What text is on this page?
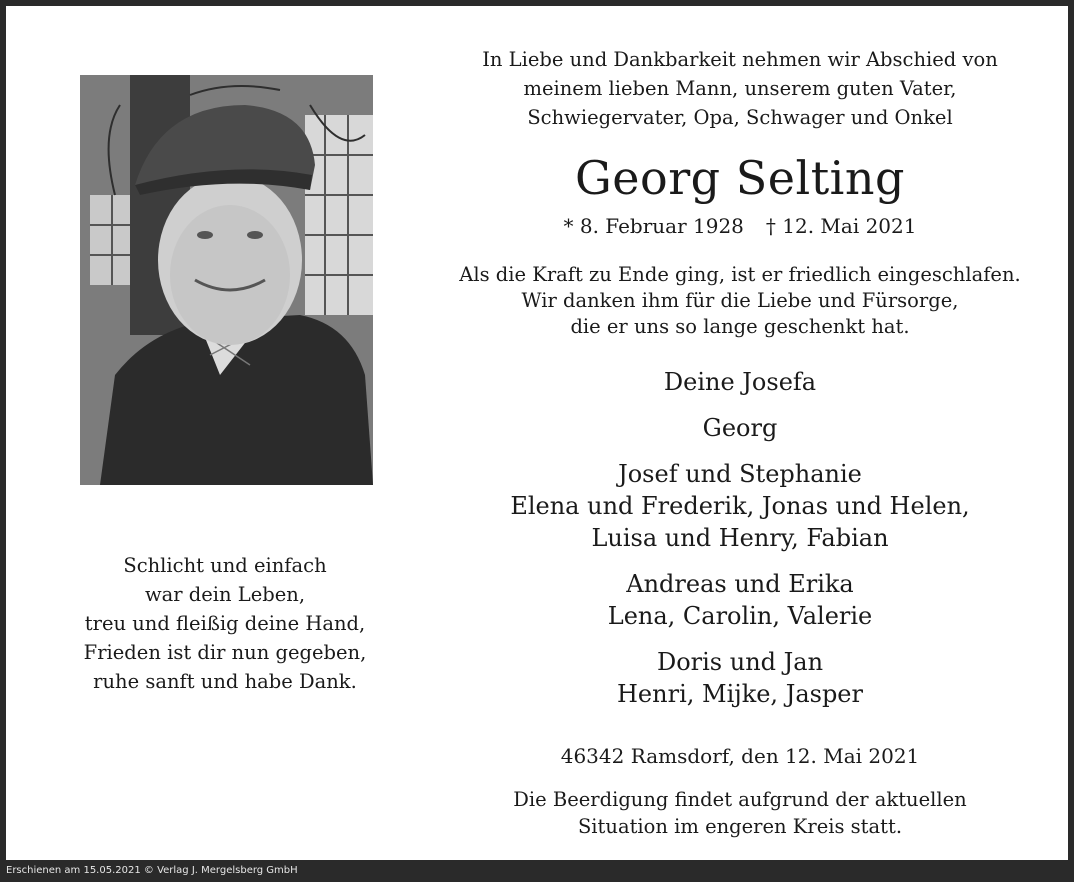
Schlicht und einfach
war dein Leben,
treu und fleißig deine Hand,
Frieden ist dir nun gegeben,
ruhe sanft und habe Dank.
In Liebe und Dankbarkeit nehmen wir Abschied von
meinem lieben Mann, unserem guten Vater,
Schwiegervater, Opa, Schwager und Onkel
Georg Selting
* 8. Februar 1928 † 12. Mai 2021
Als die Kraft zu Ende ging, ist er friedlich eingeschlafen.
Wir danken ihm für die Liebe und Fürsorge,
die er uns so lange geschenkt hat.
Deine Josefa
Georg
Josef und Stephanie
Elena und Frederik, Jonas und Helen,
Luisa und Henry, Fabian
Andreas und Erika
Lena, Carolin, Valerie
Doris und Jan
Henri, Mijke, Jasper
46342 Ramsdorf, den 12. Mai 2021
Die Beerdigung findet aufgrund der aktuellen
Situation im engeren Kreis statt.
Erschienen am 15.05.2021 © Verlag J. Mergelsberg GmbH
